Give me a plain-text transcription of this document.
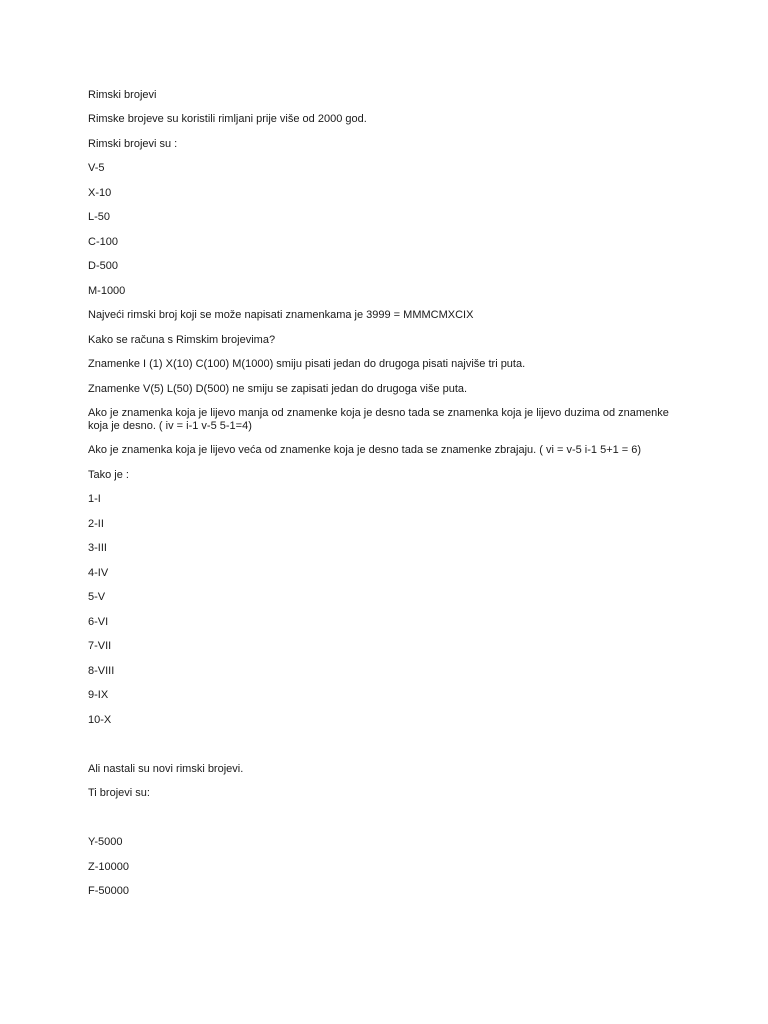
Rimski brojevi
Rimske brojeve su koristili rimljani prije više od 2000 god.
Rimski brojevi su :
V-5
X-10
L-50
C-100
D-500
M-1000
Najveći rimski broj koji se može napisati znamenkama je 3999 = MMMCMXCIX
Kako se računa s Rimskim brojevima?
Znamenke I (1) X(10) C(100) M(1000) smiju pisati jedan do drugoga pisati najviše tri puta.
Znamenke V(5) L(50) D(500) ne smiju se zapisati jedan do drugoga više puta.
Ako je znamenka koja je lijevo manja od znamenke koja je desno tada se znamenka koja je lijevo duzima od znamenke koja je desno. ( iv = i-1 v-5 5-1=4)
Ako je znamenka koja je lijevo veća od znamenke koja je desno tada se znamenke zbrajaju. ( vi = v-5 i-1 5+1 = 6)
Tako je :
1-I
2-II
3-III
4-IV
5-V
6-VI
7-VII
8-VIII
9-IX
10-X
Ali nastali su novi rimski brojevi.
Ti brojevi su:
Y-5000
Z-10000
F-50000
